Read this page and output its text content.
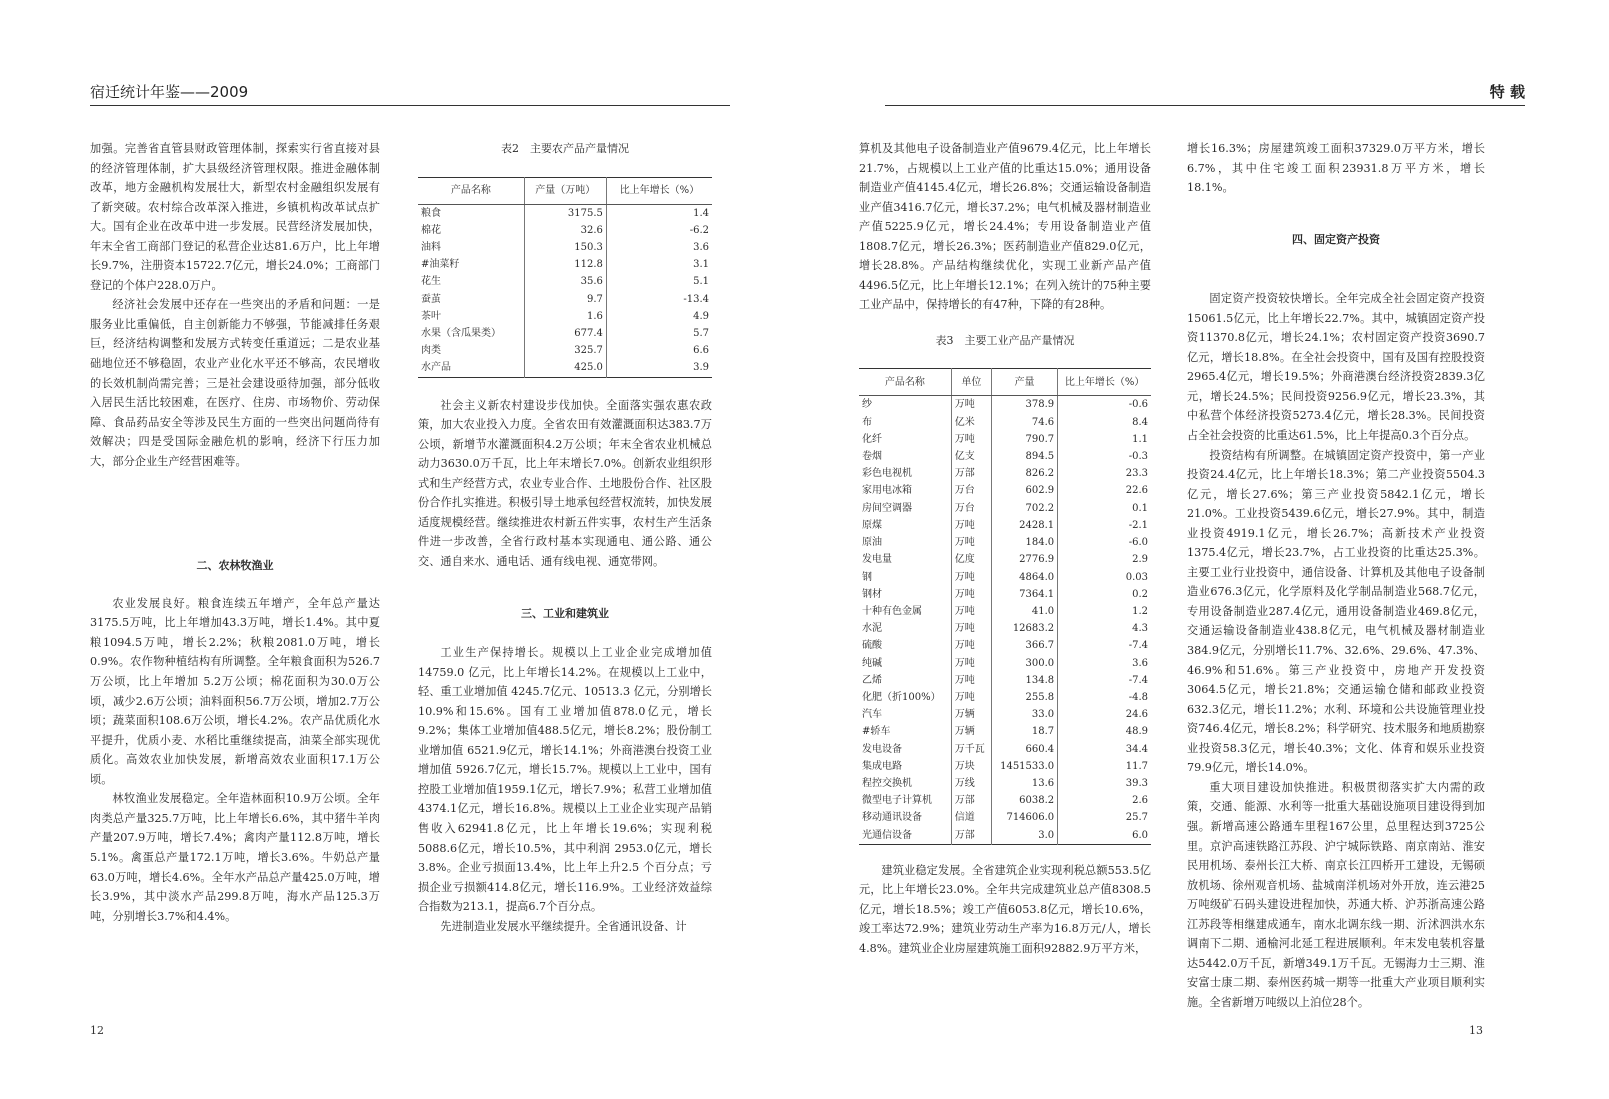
宿迁统计年鉴——2009

加强。完善省直管县财政管理体制，探索实行省直接对县的经济管理体制，扩大县级经济管理权限。推进金融体制改革，地方金融机构发展壮大，新型农村金融组织发展有了新突破。农村综合改革深入推进，乡镇机构改革试点扩大。国有企业在改革中进一步发展。民营经济发展加快，年末全省工商部门登记的私营企业达81.6万户，比上年增长9.7%，注册资本15722.7亿元，增长24.0%；工商部门登记的个体户228.0万户。

经济社会发展中还存在一些突出的矛盾和问题：一是服务业比重偏低，自主创新能力不够强，节能减排任务艰巨，经济结构调整和发展方式转变任重道远；二是农业基础地位还不够稳固，农业产业化水平还不够高，农民增收的长效机制尚需完善；三是社会建设亟待加强，部分低收入居民生活比较困难，在医疗、住房、市场物价、劳动保障、食品药品安全等涉及民生方面的一些突出问题尚待有效解决；四是受国际金融危机的影响，经济下行压力加大，部分企业生产经营困难等。

二、农林牧渔业

农业发展良好。粮食连续五年增产，全年总产量达3175.5万吨，比上年增加43.3万吨，增长1.4%。其中夏粮1094.5万吨，增长2.2%；秋粮2081.0万吨，增长0.9%。农作物种植结构有所调整。全年粮食面积为526.7万公顷，比上年增加 5.2万公顷；棉花面积为30.0万公顷，减少2.6万公顷；油料面积56.7万公顷，增加2.7万公顷；蔬菜面积108.6万公顷，增长4.2%。农产品优质化水平提升，优质小麦、水稻比重继续提高，油菜全部实现优质化。高效农业加快发展，新增高效农业面积17.1万公顷。

林牧渔业发展稳定。全年造林面积10.9万公顷。全年肉类总产量325.7万吨，比上年增长6.6%，其中猪牛羊肉产量207.9万吨，增长7.4%；禽肉产量112.8万吨，增长5.1%。禽蛋总产量172.1万吨，增长3.6%。牛奶总产量63.0万吨，增长4.6%。全年水产品总产量425.0万吨，增长3.9%，其中淡水产品299.8万吨，海水产品125.3万吨，分别增长3.7%和4.4%。

表2　主要农产品产量情况
产品名称	产量（万吨）	比上年增长（%）
粮食	3175.5	1.4
棉花	32.6	-6.2
油料	150.3	3.6
#油菜籽	112.8	3.1
花生	35.6	5.1
蚕茧	9.7	-13.4
茶叶	1.6	4.9
水果（含瓜果类）	677.4	5.7
肉类	325.7	6.6
水产品	425.0	3.9

社会主义新农村建设步伐加快。全面落实强农惠农政策，加大农业投入力度。全省农田有效灌溉面积达383.7万公顷，新增节水灌溉面积4.2万公顷；年末全省农业机械总动力3630.0万千瓦，比上年末增长7.0%。创新农业组织形式和生产经营方式，农业专业合作、土地股份合作、社区股份合作扎实推进。积极引导土地承包经营权流转，加快发展适度规模经营。继续推进农村新五件实事，农村生产生活条件进一步改善，全省行政村基本实现通电、通公路、通公交、通自来水、通电话、通有线电视、通宽带网。

三、工业和建筑业

工业生产保持增长。规模以上工业企业完成增加值14759.0 亿元，比上年增长14.2%。在规模以上工业中，轻、重工业增加值 4245.7亿元、10513.3 亿元，分别增长10.9%和15.6%。国有工业增加值878.0亿元，增长9.2%；集体工业增加值488.5亿元，增长8.2%；股份制工业增加值 6521.9亿元，增长14.1%；外商港澳台投资工业增加值 5926.7亿元，增长15.7%。规模以上工业中，国有控股工业增加值1959.1亿元，增长7.9%；私营工业增加值4374.1亿元，增长16.8%。规模以上工业企业实现产品销售收入62941.8亿元，比上年增长19.6%；实现利税5088.6亿元，增长10.5%，其中利润 2953.0亿元，增长3.8%。企业亏损面13.4%，比上年上升2.5 个百分点；亏损企业亏损额414.8亿元，增长116.9%。工业经济效益综合指数为213.1，提高6.7个百分点。

先进制造业发展水平继续提升。全省通讯设备、计

12
特 载

算机及其他电子设备制造业产值9679.4亿元，比上年增长21.7%，占规模以上工业产值的比重达15.0%；通用设备制造业产值4145.4亿元，增长26.8%；交通运输设备制造业产值3416.7亿元，增长37.2%；电气机械及器材制造业产值5225.9亿元，增长24.4%；专用设备制造业产值1808.7亿元，增长26.3%；医药制造业产值829.0亿元，增长28.8%。产品结构继续优化，实现工业新产品产值 4496.5亿元，比上年增长12.1%；在列入统计的75种主要工业产品中，保持增长的有47种，下降的有28种。

表3　主要工业产品产量情况
产品名称	单位	产量	比上年增长（%）
纱	万吨	378.9	-0.6
布	亿米	74.6	8.4
化纤	万吨	790.7	1.1
卷烟	亿支	894.5	-0.3
彩色电视机	万部	826.2	23.3
家用电冰箱	万台	602.9	22.6
房间空调器	万台	702.2	0.1
原煤	万吨	2428.1	-2.1
原油	万吨	184.0	-6.0
发电量	亿度	2776.9	2.9
钢	万吨	4864.0	0.03
钢材	万吨	7364.1	0.2
十种有色金属	万吨	41.0	1.2
水泥	万吨	12683.2	4.3
硫酸	万吨	366.7	-7.4
纯碱	万吨	300.0	3.6
乙烯	万吨	134.8	-7.4
化肥（折100%）	万吨	255.8	-4.8
汽车	万辆	33.0	24.6
#轿车	万辆	18.7	48.9
发电设备	万千瓦	660.4	34.4
集成电路	万块	1451533.0	11.7
程控交换机	万线	13.6	39.3
微型电子计算机	万部	6038.2	2.6
移动通讯设备	信道	714606.0	25.7
光通信设备	万部	3.0	6.0

建筑业稳定发展。全省建筑企业实现利税总额553.5亿元，比上年增长23.0%。全年共完成建筑业总产值8308.5亿元，增长18.5%；竣工产值6053.8亿元，增长10.6%，竣工率达72.9%；建筑业劳动生产率为16.8万元/人，增长4.8%。建筑业企业房屋建筑施工面积92882.9万平方米，

增长16.3%；房屋建筑竣工面积37329.0万平方米，增长6.7%，其中住宅竣工面积23931.8万平方米，增长18.1%。

四、固定资产投资

固定资产投资较快增长。全年完成全社会固定资产投资15061.5亿元，比上年增长22.7%。其中，城镇固定资产投资11370.8亿元，增长24.1%；农村固定资产投资3690.7亿元，增长18.8%。在全社会投资中，国有及国有控股投资2965.4亿元，增长19.5%；外商港澳台经济投资2839.3亿元，增长24.5%；民间投资9256.9亿元，增长23.3%，其中私营个体经济投资5273.4亿元，增长28.3%。民间投资占全社会投资的比重达61.5%，比上年提高0.3个百分点。

投资结构有所调整。在城镇固定资产投资中，第一产业投资24.4亿元，比上年增长18.3%；第二产业投资5504.3亿元，增长27.6%；第三产业投资5842.1亿元，增长21.0%。工业投资5439.6亿元，增长27.9%。其中，制造业投资4919.1亿元，增长26.7%；高新技术产业投资1375.4亿元，增长23.7%，占工业投资的比重达25.3%。主要工业行业投资中，通信设备、计算机及其他电子设备制造业676.3亿元，化学原料及化学制品制造业568.7亿元，专用设备制造业287.4亿元，通用设备制造业469.8亿元，交通运输设备制造业438.8亿元，电气机械及器材制造业384.9亿元，分别增长11.7%、32.6%、29.6%、47.3%、46.9%和51.6%。第三产业投资中，房地产开发投资3064.5亿元，增长21.8%；交通运输仓储和邮政业投资632.3亿元，增长11.2%；水利、环境和公共设施管理业投资746.4亿元，增长8.2%；科学研究、技术服务和地质勘察业投资58.3亿元，增长40.3%；文化、体育和娱乐业投资 79.9亿元，增长14.0%。

重大项目建设加快推进。积极贯彻落实扩大内需的政策，交通、能源、水利等一批重大基础设施项目建设得到加强。新增高速公路通车里程167公里，总里程达到3725公里。京沪高速铁路江苏段、沪宁城际铁路、南京南站、淮安民用机场、泰州长江大桥、南京长江四桥开工建设，无锡硕放机场、徐州观音机场、盐城南洋机场对外开放，连云港25万吨级矿石码头建设进程加快，苏通大桥、沪苏浙高速公路江苏段等相继建成通车，南水北调东线一期、沂沭泗洪水东调南下二期、通榆河北延工程进展顺利。年末发电装机容量达5442.0万千瓦，新增349.1万千瓦。无锡海力士三期、淮安富士康二期、泰州医药城一期等一批重大产业项目顺利实施。全省新增万吨级以上泊位28个。

13
